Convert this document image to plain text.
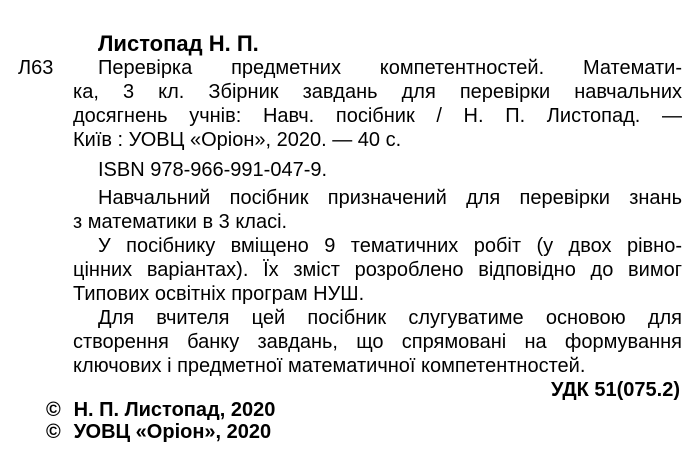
Листопад Н. П.
Л63 Перевірка предметних компетентностей. Математи-
ка, 3 кл. Збірник завдань для перевірки навчальних
досягнень учнів: Навч. посібник / Н. П. Листопад. —
Київ : УОВЦ «Оріон», 2020. — 40 с.
ISBN 978-966-991-047-9.
Навчальний посібник призначений для перевірки знань
з математики в 3 класі.
У посібнику вміщено 9 тематичних робіт (у двох рівно-
цінних варіантах). Їх зміст розроблено відповідно до вимог
Типових освітніх програм НУШ.
Для вчителя цей посібник слугуватиме основою для
створення банку завдань, що спрямовані на формування
ключових і предметної математичної компетентностей.
УДК 51(075.2)
© Н. П. Листопад, 2020
© УОВЦ «Оріон», 2020
